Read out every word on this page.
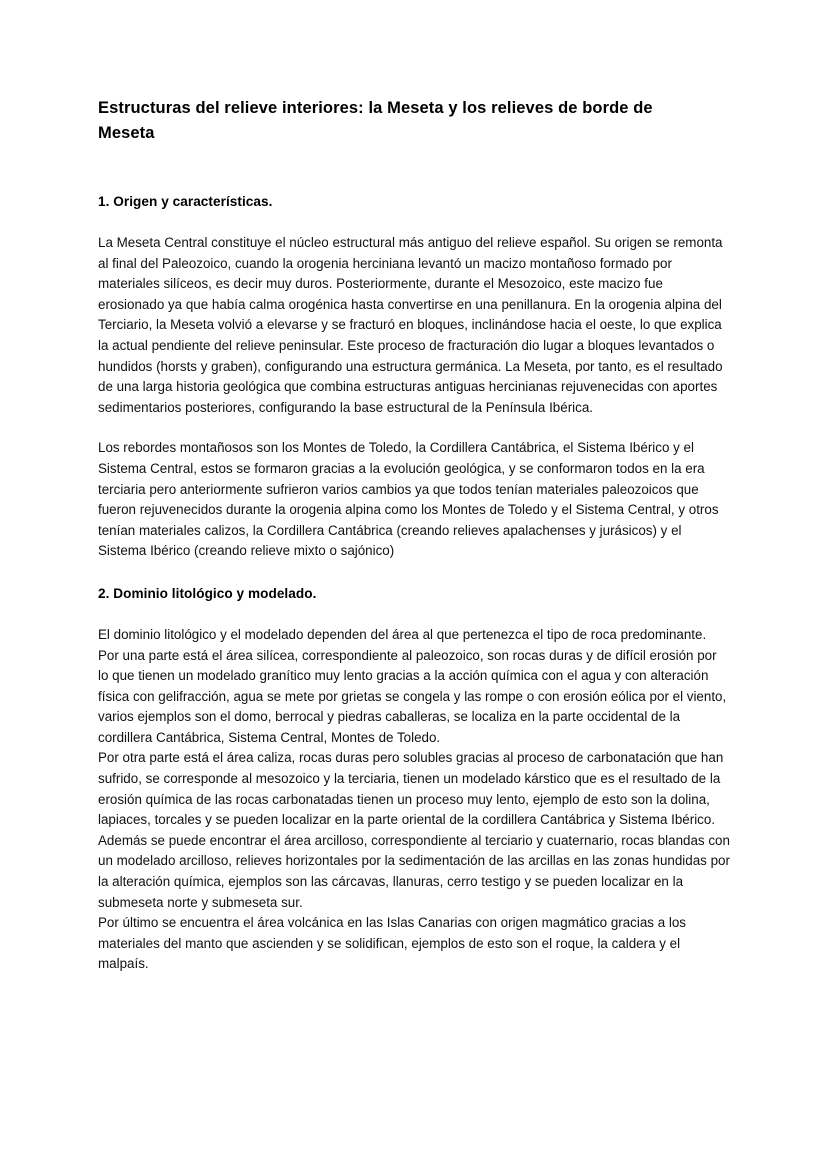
Estructuras del relieve interiores: la Meseta y los relieves de borde de Meseta
1. Origen y características.

La Meseta Central constituye el núcleo estructural más antiguo del relieve español. Su origen se remonta al final del Paleozoico, cuando la orogenia herciniana levantó un macizo montañoso formado por materiales silíceos, es decir muy duros. Posteriormente, durante el Mesozoico, este macizo fue erosionado ya que había calma orogénica hasta convertirse en una penillanura. En la orogenia alpina del Terciario, la Meseta volvió a elevarse y se fracturó en bloques, inclinándose hacia el oeste, lo que explica la actual pendiente del relieve peninsular. Este proceso de fracturación dio lugar a bloques levantados o hundidos (horsts y graben), configurando una estructura germánica. La Meseta, por tanto, es el resultado de una larga historia geológica que combina estructuras antiguas hercinianas rejuvenecidas con aportes sedimentarios posteriores, configurando la base estructural de la Península Ibérica.

Los rebordes montañosos son los Montes de Toledo, la Cordillera Cantábrica, el Sistema Ibérico y el Sistema Central, estos se formaron gracias a la evolución geológica, y se conformaron todos en la era terciaria pero anteriormente sufrieron varios cambios ya que todos tenían materiales paleozoicos que fueron rejuvenecidos durante la orogenia alpina como los Montes de Toledo y el Sistema Central, y otros tenían materiales calizos, la Cordillera Cantábrica (creando relieves apalachenses y jurásicos) y el Sistema Ibérico (creando relieve mixto o sajónico)

2. Dominio litológico y modelado.

El dominio litológico y el modelado dependen del área al que pertenezca el tipo de roca predominante.

Por una parte está el área silícea, correspondiente al paleozoico, son rocas duras y de difícil erosión por lo que tienen un modelado granítico muy lento gracias a la acción química con el agua y con alteración física con gelifracción, agua se mete por grietas se congela y las rompe o con erosión eólica por el viento, varios ejemplos son el domo, berrocal y piedras caballeras, se localiza en la parte occidental de la cordillera Cantábrica, Sistema Central, Montes de Toledo.

Por otra parte está el área caliza, rocas duras pero solubles gracias al proceso de carbonatación que han sufrido, se corresponde al mesozoico y la terciaria, tienen un modelado kárstico que es el resultado de la erosión química de las rocas carbonatadas tienen un proceso muy lento, ejemplo de esto son la dolina, lapiaces, torcales y se pueden localizar en la parte oriental de la cordillera Cantábrica y Sistema Ibérico.

Además se puede encontrar el área arcilloso, correspondiente al terciario y cuaternario, rocas blandas con un modelado arcilloso, relieves horizontales por la sedimentación de las arcillas en las zonas hundidas por la alteración química, ejemplos son las cárcavas, llanuras, cerro testigo y se pueden localizar en la submeseta norte y submeseta sur.

Por último se encuentra el área volcánica en las Islas Canarias con origen magmático gracias a los materiales del manto que ascienden y se solidifican, ejemplos de esto son el roque, la caldera y el malpaís.
